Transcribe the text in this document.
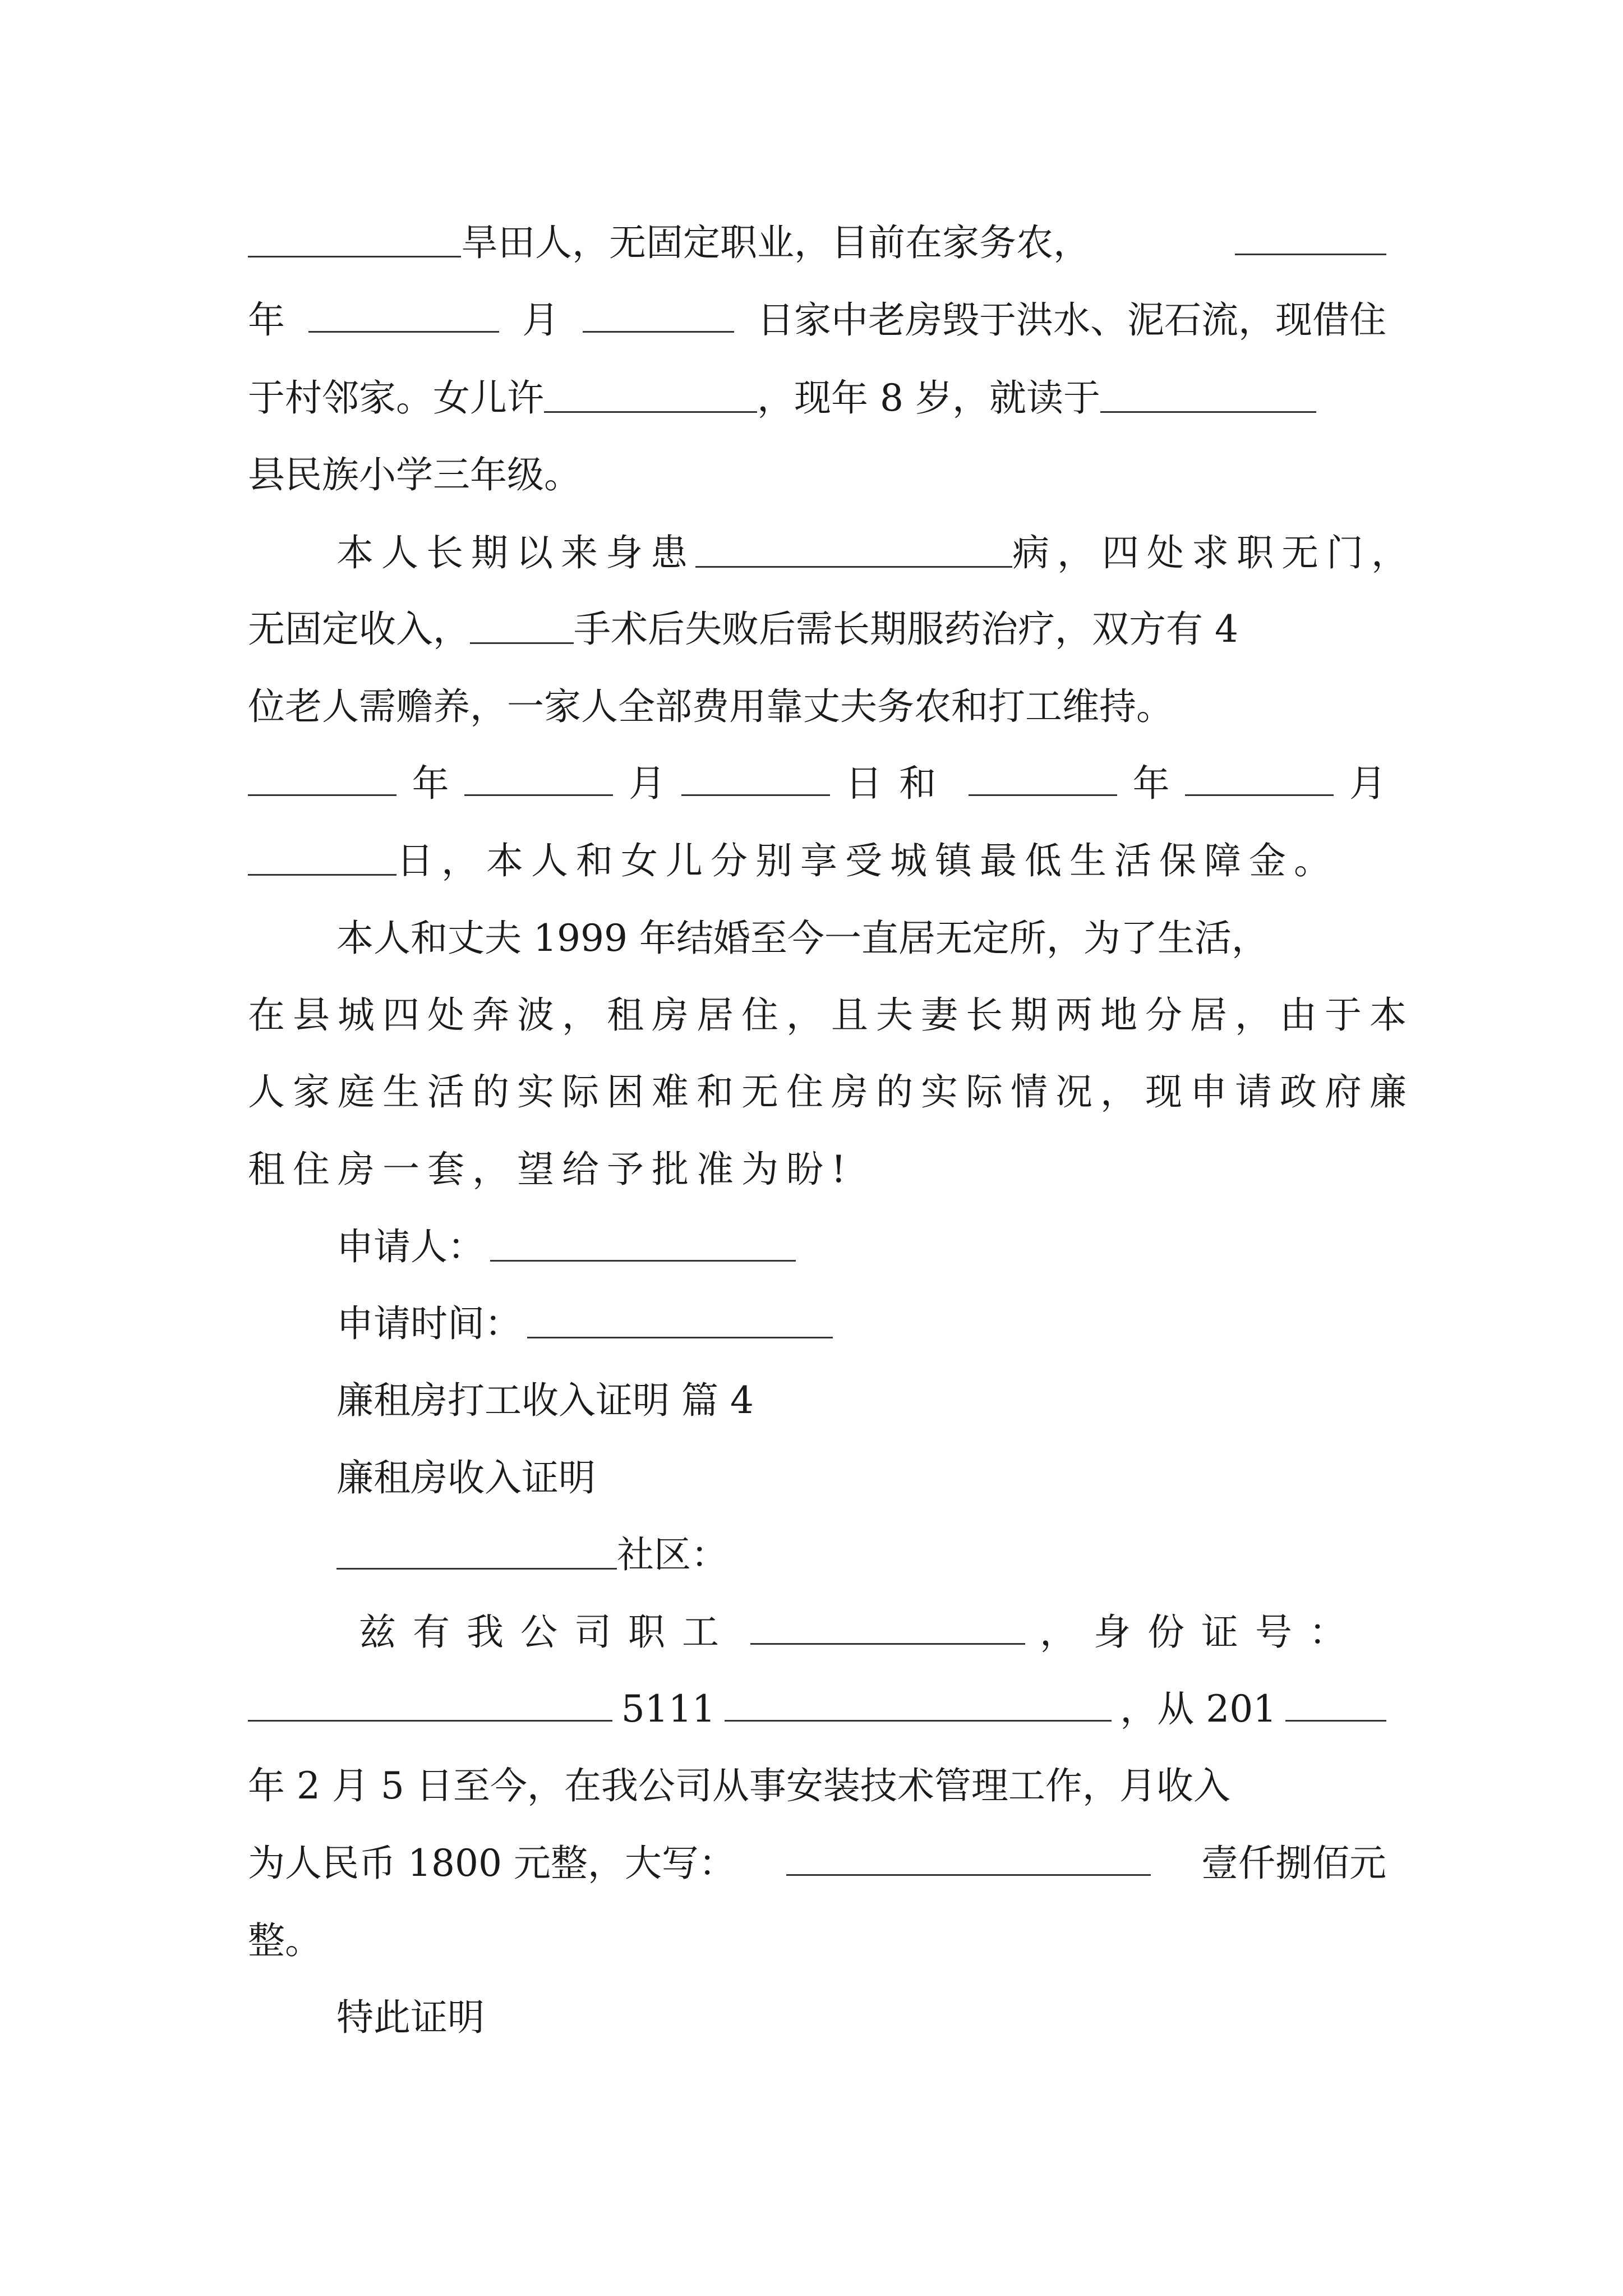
旱田人，无固定职业，目前在家务农，
年	月	日家中老房毁于洪水、泥石流，现借住
于村邻家。女儿许	，现年 8 岁，就读于
县民族小学三年级。
本人长期以来身患	病，四处求职无门，
无固定收入，	手术后失败后需长期服药治疗，双方有 4
位老人需赡养，一家人全部费用靠丈夫务农和打工维持。
年	月	日和	年	月
日，本人和女儿分别享受城镇最低生活保障金。
本人和丈夫 1999 年结婚至今一直居无定所，为了生活，
在县城四处奔波，租房居住，且夫妻长期两地分居，由于本
人家庭生活的实际困难和无住房的实际情况，现申请政府廉
租住房一套，望给予批准为盼!
申请人：
申请时间：
廉租房打工收入证明 篇 4
廉租房收入证明
社区：
兹有我公司职工	，身份证号：
5111	，从 201
年 2 月 5 日至今，在我公司从事安装技术管理工作，月收入
为人民币 1800 元整，大写：	壹仟捌佰元
整。
特此证明
